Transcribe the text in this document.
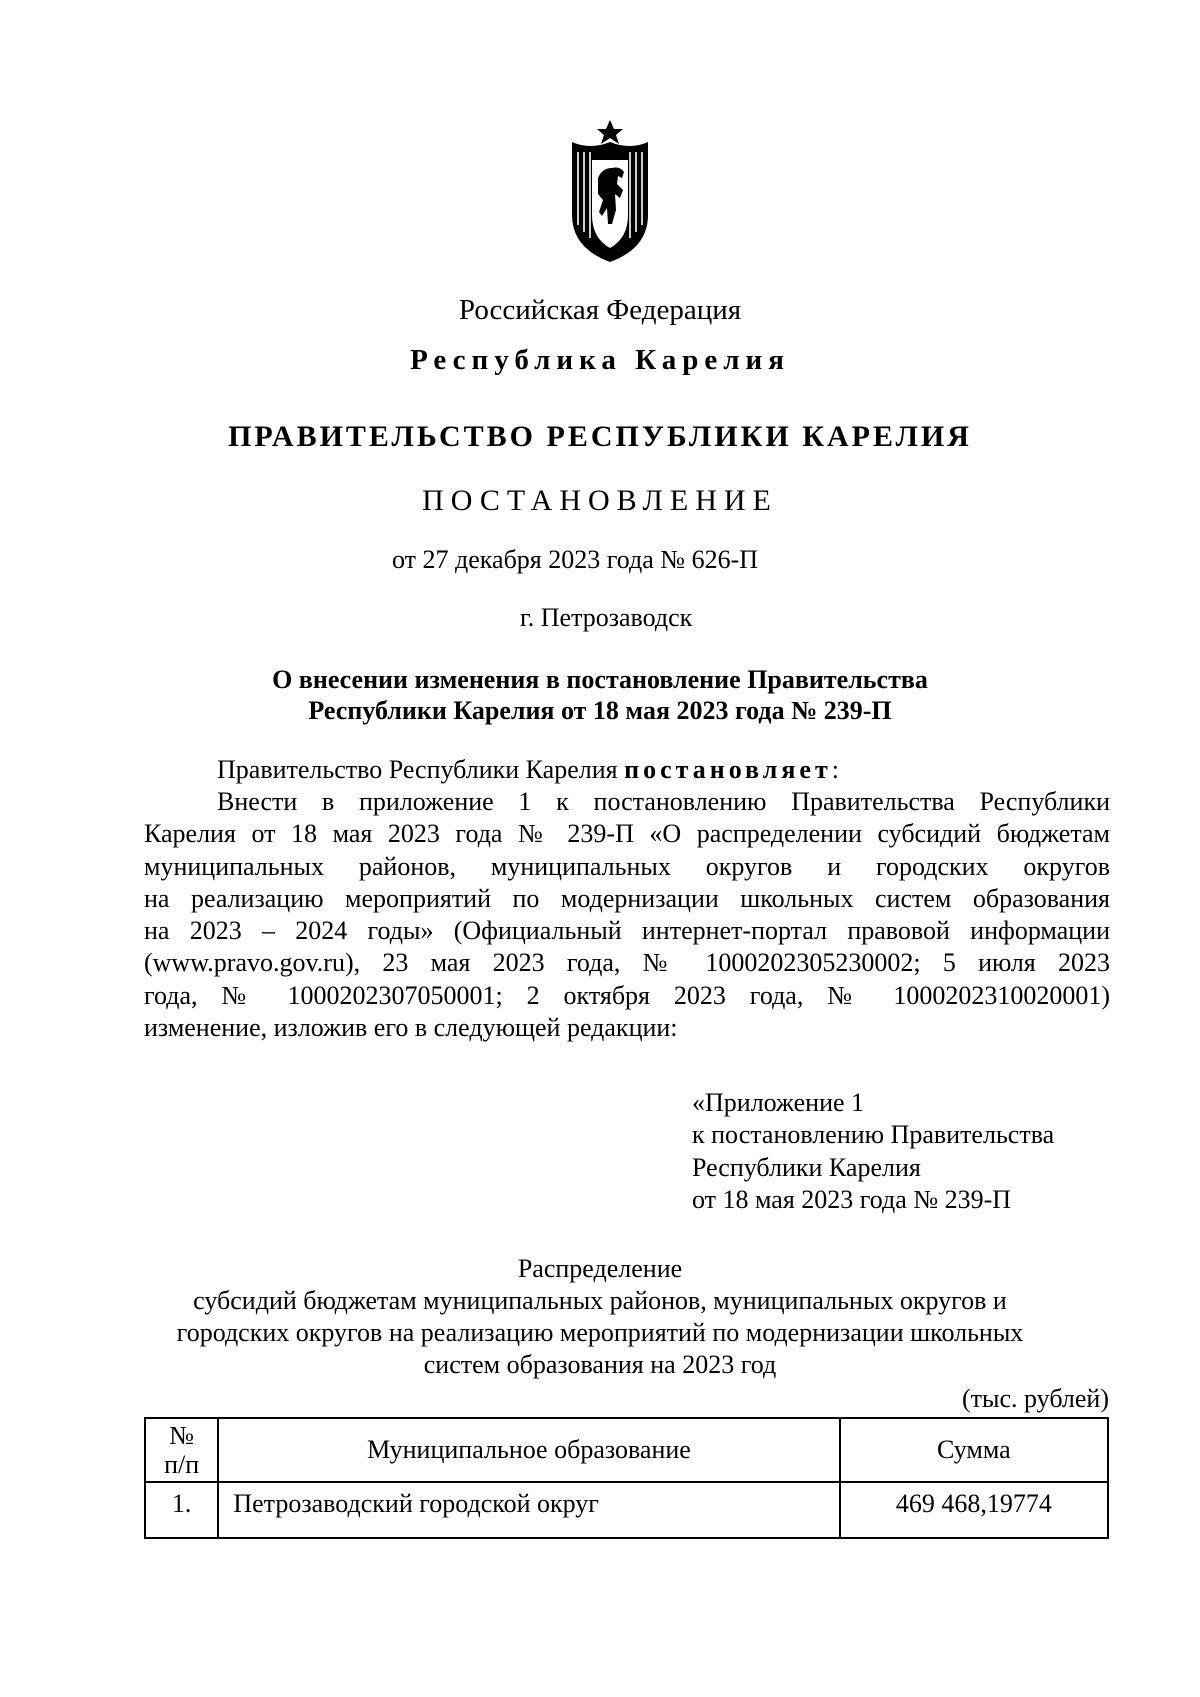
Российская Федерация
Республика Карелия
ПРАВИТЕЛЬСТВО РЕСПУБЛИКИ КАРЕЛИЯ
ПОСТАНОВЛЕНИЕ
от 27 декабря 2023 года № 626-П
г. Петрозаводск
О внесении изменения в постановление Правительства
Республики Карелия от 18 мая 2023 года № 239-П
Правительство Республики Карелия постановляет:
Внести в приложение 1 к постановлению Правительства Республики
Карелия от 18 мая 2023 года № 239-П «О распределении субсидий бюджетам
муниципальных районов, муниципальных округов и городских округов
на реализацию мероприятий по модернизации школьных систем образования
на 2023 – 2024 годы» (Официальный интернет-портал правовой информации
(www.pravo.gov.ru), 23 мая 2023 года, № 1000202305230002; 5 июля 2023
года, № 1000202307050001; 2 октября 2023 года, № 1000202310020001)
изменение, изложив его в следующей редакции:
«Приложение 1
к постановлению Правительства
Республики Карелия
от 18 мая 2023 года № 239-П
Распределение
субсидий бюджетам муниципальных районов, муниципальных округов и
городских округов на реализацию мероприятий по модернизации школьных
систем образования на 2023 год
(тыс. рублей)
№
п/п	Муниципальное образование	Сумма
1.	Петрозаводский городской округ	469 468,19774
